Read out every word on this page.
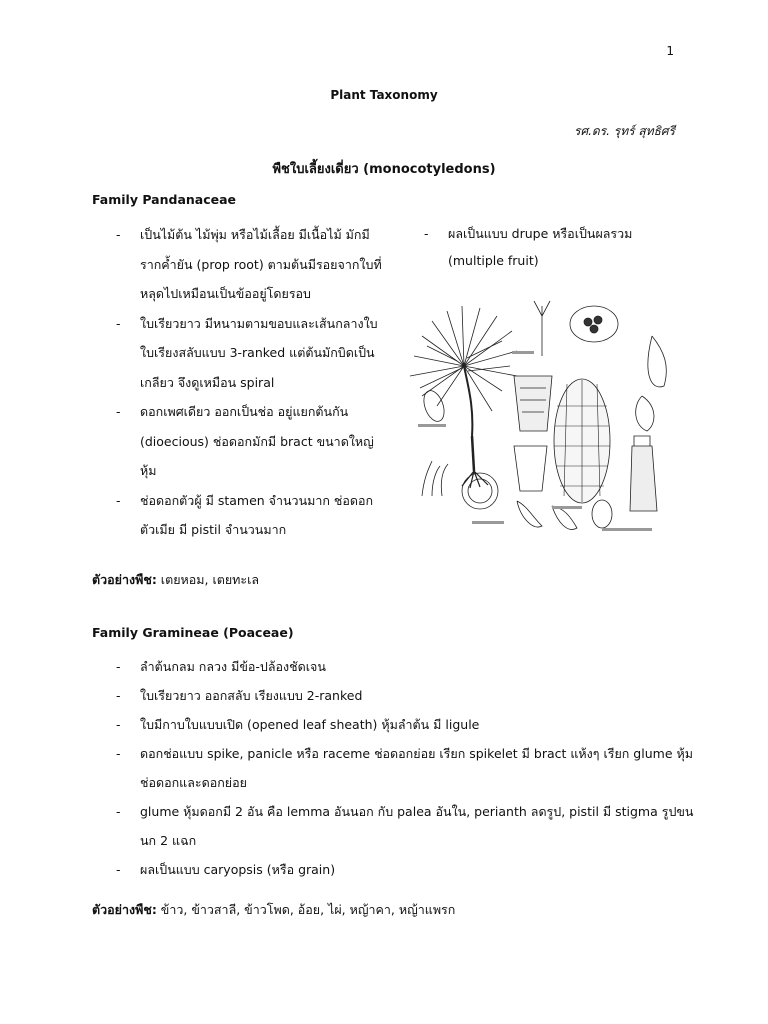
1
Plant Taxonomy
รศ.ดร. รุทร์ สุทธิศรี
พืชใบเลี้ยงเดี่ยว (monocotyledons)
Family Pandanaceae
- เป็นไม้ต้น ไม้พุ่ม หรือไม้เลื้อย มีเนื้อไม้ มักมีรากค้ำยัน (prop root) ตามต้นมีรอยจากใบที่หลุดไปเหมือนเป็นข้ออยู่โดยรอบ
- ใบเรียวยาว มีหนามตามขอบและเส้นกลางใบ ใบเรียงสลับแบบ 3-ranked แต่ต้นมักบิดเป็นเกลียว จึงดูเหมือน spiral
- ดอกเพศเดียว ออกเป็นช่อ อยู่แยกต้นกัน (dioecious) ช่อดอกมักมี bract ขนาดใหญ่หุ้ม
- ช่อดอกตัวผู้ มี stamen จำนวนมาก ช่อดอกตัวเมีย มี pistil จำนวนมาก
- ผลเป็นแบบ drupe หรือเป็นผลรวม (multiple fruit)
ตัวอย่างพืช: เตยหอม, เตยทะเล
Family Gramineae (Poaceae)
- ลำต้นกลม กลวง มีข้อ-ปล้องชัดเจน
- ใบเรียวยาว ออกสลับ เรียงแบบ 2-ranked
- ใบมีกาบใบแบบเปิด (opened leaf sheath) หุ้มลำต้น มี ligule
- ดอกช่อแบบ spike, panicle หรือ raceme ช่อดอกย่อย เรียก spikelet มี bract แห้งๆ เรียก glume หุ้มช่อดอกและดอกย่อย
- glume หุ้มดอกมี 2 อัน คือ lemma อันนอก กับ palea อันใน, perianth ลดรูป, pistil มี stigma รูปขนนก 2 แฉก
- ผลเป็นแบบ caryopsis (หรือ grain)
ตัวอย่างพืช: ข้าว, ข้าวสาลี, ข้าวโพด, อ้อย, ไผ่, หญ้าคา, หญ้าแพรก
